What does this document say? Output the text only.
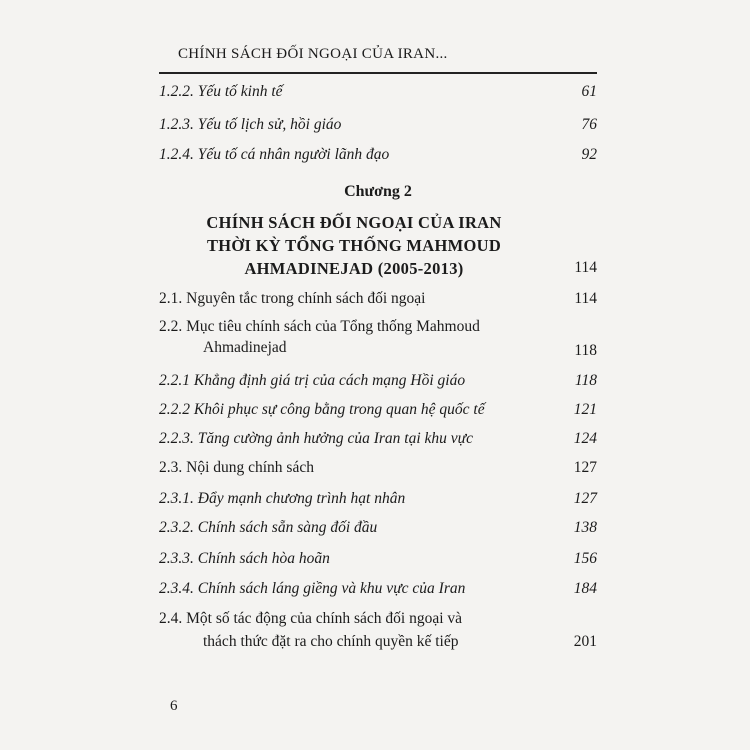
CHÍNH SÁCH ĐỐI NGOẠI CỦA IRAN...
1.2.2. Yếu tố kinh tế	61
1.2.3. Yếu tố lịch sử, hồi giáo	76
1.2.4. Yếu tố cá nhân người lãnh đạo	92
Chương 2
CHÍNH SÁCH ĐỐI NGOẠI CỦA IRAN
THỜI KỲ TỔNG THỐNG MAHMOUD
AHMADINEJAD (2005-2013)	114
2.1. Nguyên tắc trong chính sách đối ngoại	114
2.2. Mục tiêu chính sách của Tổng thống Mahmoud
Ahmadinejad	118
2.2.1 Khẳng định giá trị của cách mạng Hồi giáo	118
2.2.2 Khôi phục sự công bằng trong quan hệ quốc tế	121
2.2.3. Tăng cường ảnh hưởng của Iran tại khu vực	124
2.3. Nội dung chính sách	127
2.3.1. Đẩy mạnh chương trình hạt nhân	127
2.3.2. Chính sách sẵn sàng đối đầu	138
2.3.3. Chính sách hòa hoãn	156
2.3.4. Chính sách láng giềng và khu vực của Iran	184
2.4. Một số tác động của chính sách đối ngoại và
thách thức đặt ra cho chính quyền kế tiếp	201
6
